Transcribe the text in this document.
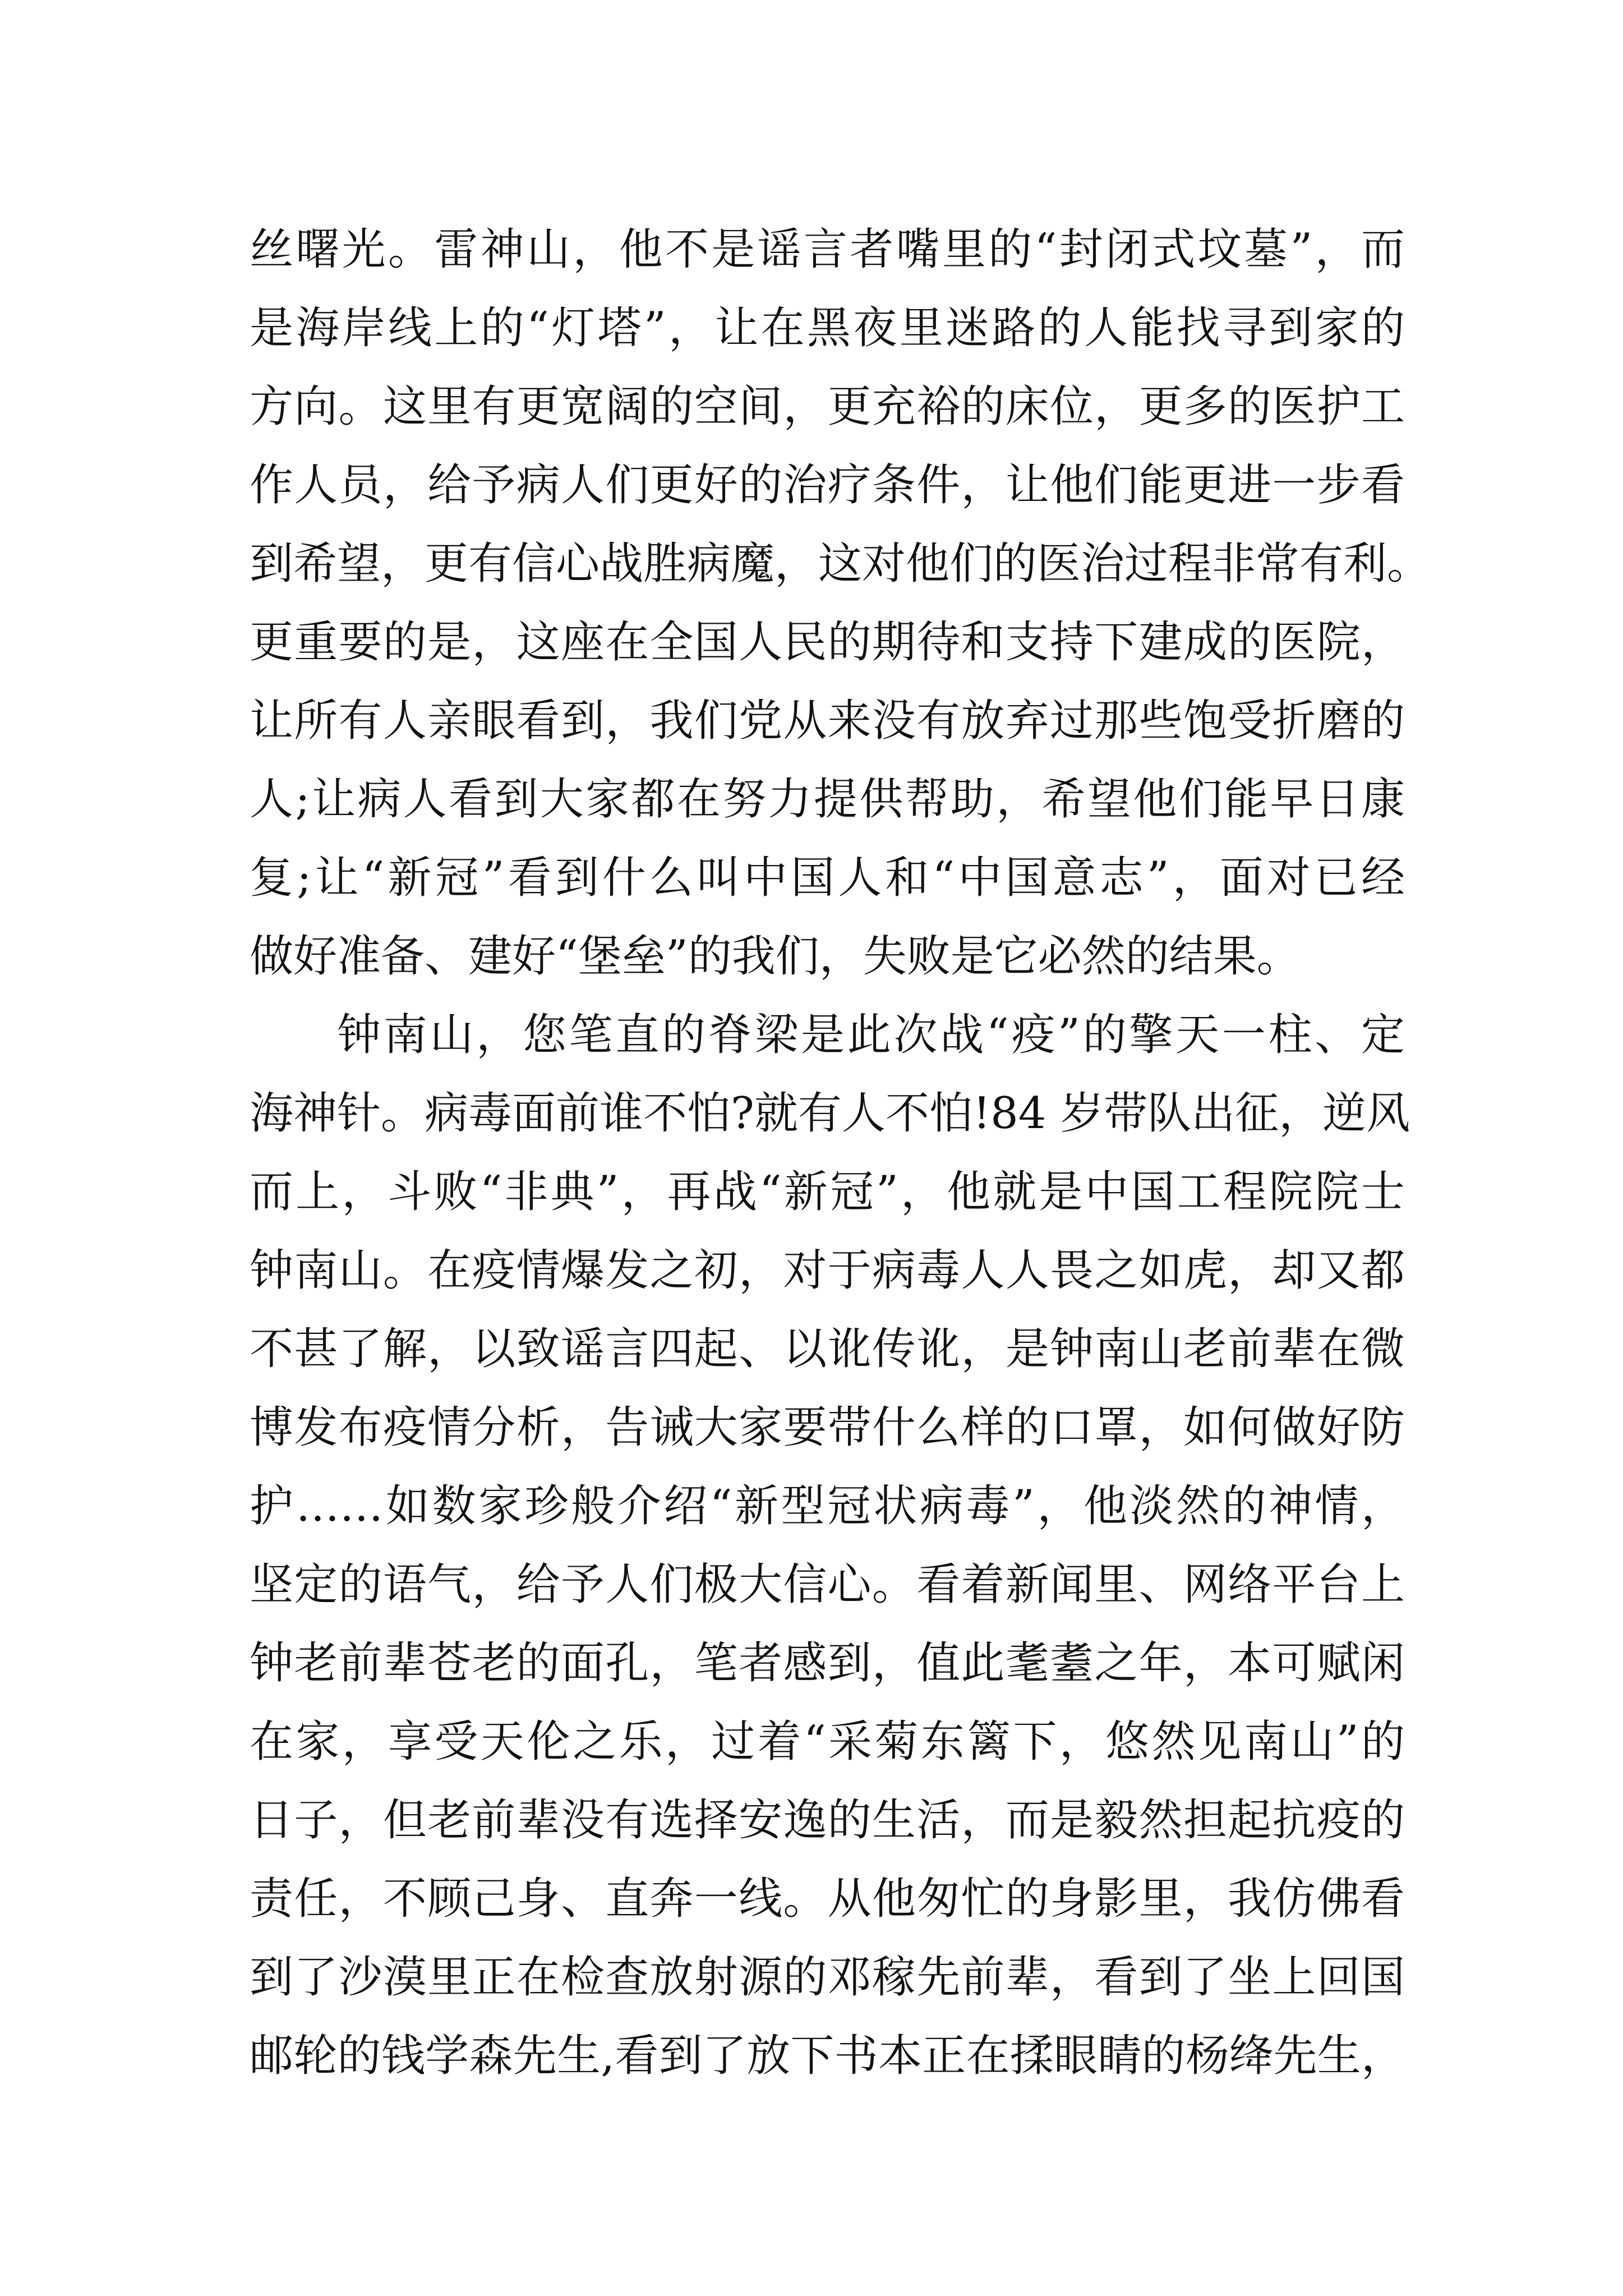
丝曙光。雷神山，他不是谣言者嘴里的“封闭式坟墓”，而
是海岸线上的“灯塔”，让在黑夜里迷路的人能找寻到家的
方向。这里有更宽阔的空间，更充裕的床位，更多的医护工
作人员，给予病人们更好的治疗条件，让他们能更进一步看
到希望，更有信心战胜病魔，这对他们的医治过程非常有利。
更重要的是，这座在全国人民的期待和支持下建成的医院，
让所有人亲眼看到，我们党从来没有放弃过那些饱受折磨的
人;让病人看到大家都在努力提供帮助，希望他们能早日康
复;让“新冠”看到什么叫中国人和“中国意志”，面对已经
做好准备、建好“堡垒”的我们，失败是它必然的结果。
钟南山，您笔直的脊梁是此次战“疫”的擎天一柱、定
海神针。病毒面前谁不怕?就有人不怕!84 岁带队出征，逆风
而上，斗败“非典”，再战“新冠”，他就是中国工程院院士
钟南山。在疫情爆发之初，对于病毒人人畏之如虎，却又都
不甚了解，以致谣言四起、以讹传讹，是钟南山老前辈在微
博发布疫情分析，告诫大家要带什么样的口罩，如何做好防
护……如数家珍般介绍“新型冠状病毒”，他淡然的神情，
坚定的语气，给予人们极大信心。看着新闻里、网络平台上
钟老前辈苍老的面孔，笔者感到，值此耄耋之年，本可赋闲
在家，享受天伦之乐，过着“采菊东篱下，悠然见南山”的
日子，但老前辈没有选择安逸的生活，而是毅然担起抗疫的
责任，不顾己身、直奔一线。从他匆忙的身影里，我仿佛看
到了沙漠里正在检查放射源的邓稼先前辈，看到了坐上回国
邮轮的钱学森先生,看到了放下书本正在揉眼睛的杨绛先生，
